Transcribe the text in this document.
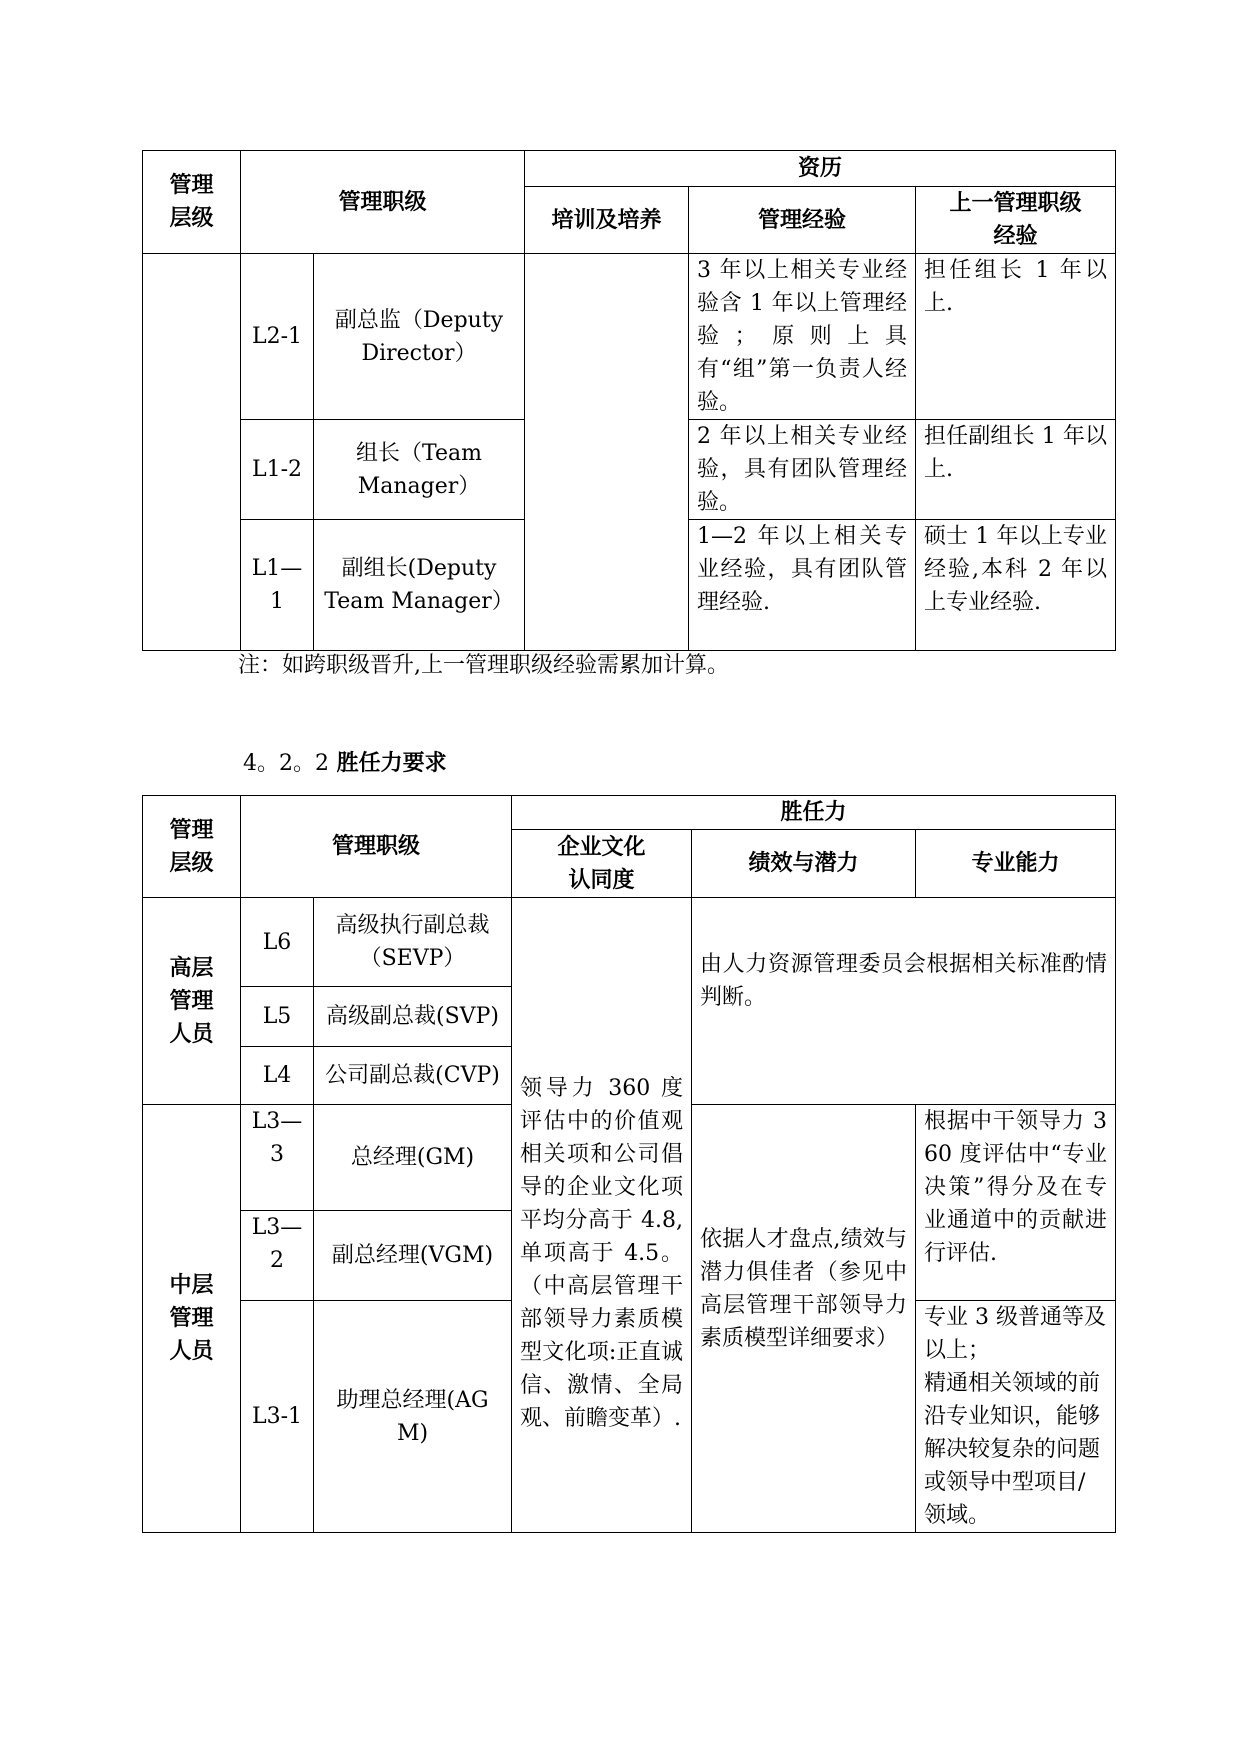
管理
层级	管理职级		资历		
			培训及培养	管理经验	上一管理职级
经验
	L2-1	副总监（Deputy
Director）		3 年以上相关专业经验含 1 年以上管理经验；原则上具有“组”第一负责人经验。	担任组长 1 年以上.
	L1-2	组长（Team
Manager）		2 年以上相关专业经验，具有团队管理经验。	担任副组长 1 年以上.
	L1—
1	副组长(Deputy
Team Manager）		1—2 年以上相关专业经验，具有团队管理经验.	硕士 1 年以上专业经验,本科 2 年以上专业经验.
注：如跨职级晋升,上一管理职级经验需累加计算。
4。2。2 胜任力要求
管理
层级	管理职级		胜任力		
			企业文化
认同度	绩效与潜力	专业能力
高层
管理
人员	L6	高级执行副总裁
（SEVP）	领导力 360 度评估中的价值观相关项和公司倡导的企业文化项平均分高于 4.8,单项高于 4.5。（中高层管理干部领导力素质模型文化项:正直诚信、激情、全局观、前瞻变革）.	由人力资源管理委员会根据相关标准酌情判断。	
	L5	高级副总裁(SVP)			
	L4	公司副总裁(CVP)			
中层
管理
人员	L3—
3	总经理(GM)		依据人才盘点,绩效与潜力俱佳者（参见中高层管理干部领导力素质模型详细要求）	根据中干领导力 360 度评估中“专业决策”得分及在专业通道中的贡献进行评估.
	L3—
2	副总经理(VGM)			
	L3-1	助理总经理(AGM)			专业 3 级普通等及以上；
精通相关领域的前沿专业知识，能够解决较复杂的问题或领导中型项目/领域。
